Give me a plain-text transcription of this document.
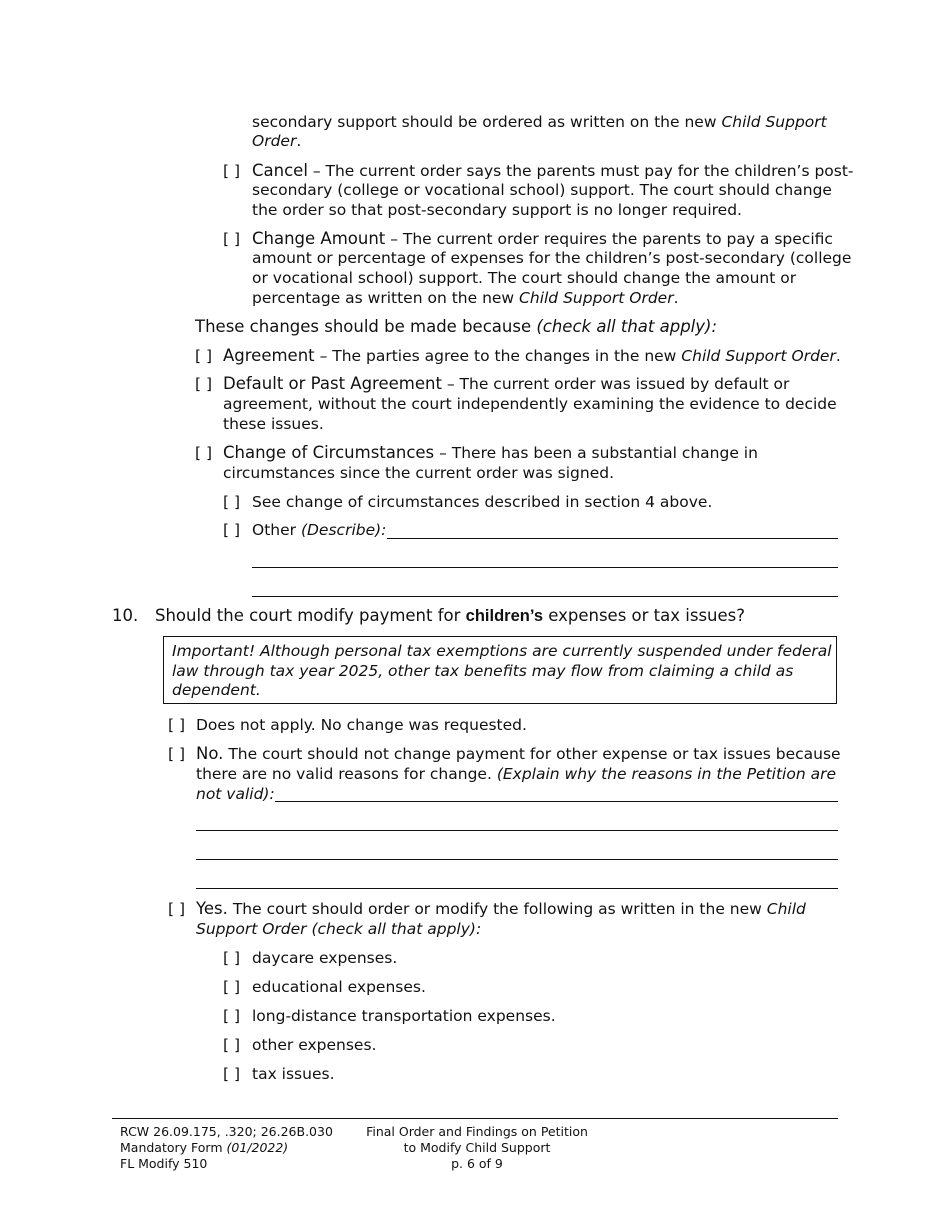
secondary support should be ordered as written on the new Child Support
Order.
[ ] Cancel – The current order says the parents must pay for the children’s post-
secondary (college or vocational school) support. The court should change
the order so that post-secondary support is no longer required.
[ ] Change Amount – The current order requires the parents to pay a specific
amount or percentage of expenses for the children’s post-secondary (college
or vocational school) support. The court should change the amount or
percentage as written on the new Child Support Order.
These changes should be made because (check all that apply):
[ ] Agreement – The parties agree to the changes in the new Child Support Order.
[ ] Default or Past Agreement – The current order was issued by default or
agreement, without the court independently examining the evidence to decide
these issues.
[ ] Change of Circumstances – There has been a substantial change in
circumstances since the current order was signed.
[ ] See change of circumstances described in section 4 above.
[ ] Other (Describe):
10. Should the court modify payment for children’s expenses or tax issues?
Important! Although personal tax exemptions are currently suspended under federal
law through tax year 2025, other tax benefits may flow from claiming a child as
dependent.
[ ] Does not apply. No change was requested.
[ ] No. The court should not change payment for other expense or tax issues because
there are no valid reasons for change. (Explain why the reasons in the Petition are
not valid):
[ ] Yes. The court should order or modify the following as written in the new Child
Support Order (check all that apply):
[ ] daycare expenses.
[ ] educational expenses.
[ ] long-distance transportation expenses.
[ ] other expenses.
[ ] tax issues.
RCW 26.09.175, .320; 26.26B.030
Mandatory Form (01/2022)
FL Modify 510
Final Order and Findings on Petition
to Modify Child Support
p. 6 of 9
